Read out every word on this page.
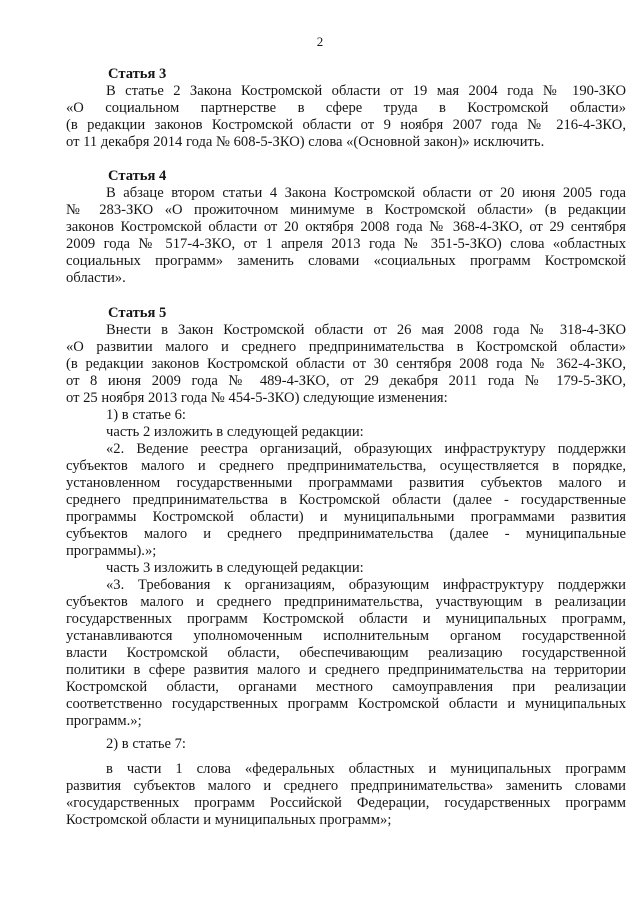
2
Статья 3
В статье 2 Закона Костромской области от 19 мая 2004 года № 190-ЗКО
«О социальном партнерстве в сфере труда в Костромской области»
(в редакции законов Костромской области от 9 ноября 2007 года № 216-4-ЗКО,
от 11 декабря 2014 года № 608-5-ЗКО) слова «(Основной закон)» исключить.
Статья 4
В абзаце втором статьи 4 Закона Костромской области от 20 июня 2005 года
№ 283-ЗКО «О прожиточном минимуме в Костромской области» (в редакции
законов Костромской области от 20 октября 2008 года № 368-4-ЗКО, от 29 сентября
2009 года № 517-4-ЗКО, от 1 апреля 2013 года № 351-5-ЗКО) слова «областных
социальных программ» заменить словами «социальных программ Костромской
области».
Статья 5
Внести в Закон Костромской области от 26 мая 2008 года № 318-4-ЗКО
«О развитии малого и среднего предпринимательства в Костромской области»
(в редакции законов Костромской области от 30 сентября 2008 года № 362-4-ЗКО,
от 8 июня 2009 года № 489-4-ЗКО, от 29 декабря 2011 года № 179-5-ЗКО,
от 25 ноября 2013 года № 454-5-ЗКО) следующие изменения:
1) в статье 6:
часть 2 изложить в следующей редакции:
«2. Ведение реестра организаций, образующих инфраструктуру поддержки
субъектов малого и среднего предпринимательства, осуществляется в порядке,
установленном государственными программами развития субъектов малого и
среднего предпринимательства в Костромской области (далее - государственные
программы Костромской области) и муниципальными программами развития
субъектов малого и среднего предпринимательства (далее - муниципальные
программы).»;
часть 3 изложить в следующей редакции:
«3. Требования к организациям, образующим инфраструктуру поддержки
субъектов малого и среднего предпринимательства, участвующим в реализации
государственных программ Костромской области и муниципальных программ,
устанавливаются уполномоченным исполнительным органом государственной
власти Костромской области, обеспечивающим реализацию государственной
политики в сфере развития малого и среднего предпринимательства на территории
Костромской области, органами местного самоуправления при реализации
соответственно государственных программ Костромской области и муниципальных
программ.»;
2) в статье 7:
в части 1 слова «федеральных областных и муниципальных программ
развития субъектов малого и среднего предпринимательства» заменить словами
«государственных программ Российской Федерации, государственных программ
Костромской области и муниципальных программ»;
